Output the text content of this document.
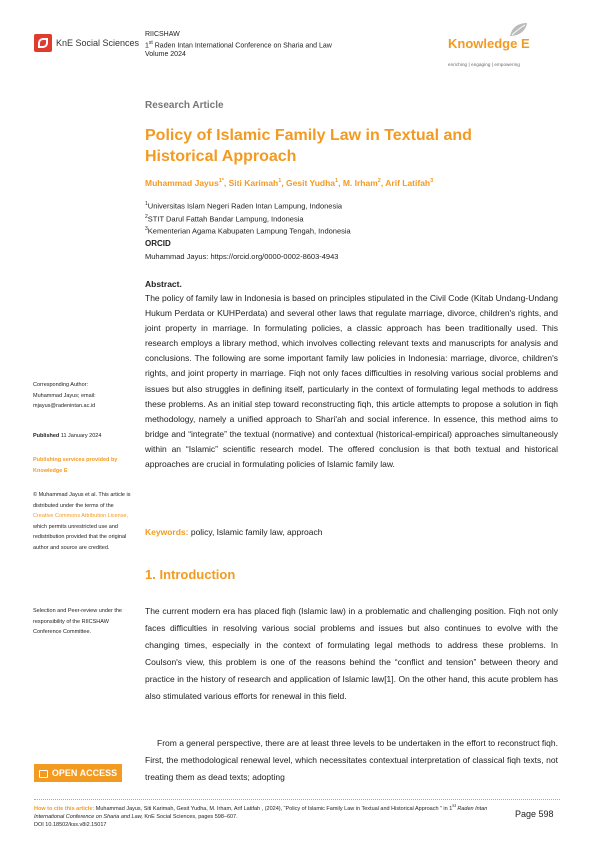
KnE Social Sciences
RIICSHAW
1st Raden Intan International Conference on Sharia and Law
Volume 2024
Knowledge E
enriching | engaging | empowering
Research Article
Policy of Islamic Family Law in Textual and Historical Approach
Muhammad Jayus$^{1*}$, Siti Karimah$^1$, Gesit Yudha$^1$, M. Irham$^2$, Arif Latifah$^3$
$^1$Universitas Islam Negeri Raden Intan Lampung, Indonesia
$^2$STIT Darul Fattah Bandar Lampung, Indonesia
$^3$Kementerian Agama Kabupaten Lampung Tengah, Indonesia
ORCID
Muhammad Jayus: https://orcid.org/0000-0002-8603-4943
Abstract.
The policy of family law in Indonesia is based on principles stipulated in the Civil Code (Kitab Undang-Undang Hukum Perdata or KUHPerdata) and several other laws that regulate marriage, divorce, children's rights, and joint property in marriage. In formulating policies, a classic approach has been traditionally used. This research employs a library method, which involves collecting relevant texts and manuscripts for analysis and conclusions. The following are some important family law policies in Indonesia: marriage, divorce, children's rights, and joint property in marriage. Fiqh not only faces difficulties in resolving various social problems and issues but also struggles in defining itself, particularly in the context of formulating legal methods to address these problems. As an initial step toward reconstructing fiqh, this article attempts to propose a solution in fiqh methodology, namely a unified approach to Shari'ah and social inference. In essence, this method aims to bridge and “integrate” the textual (normative) and contextual (historical-empirical) approaches simultaneously within an “Islamic” scientific research model. The offered conclusion is that both textual and historical approaches are crucial in formulating policies of Islamic family law.
Keywords: policy, Islamic family law, approach
1. Introduction
The current modern era has placed fiqh (Islamic law) in a problematic and challenging position. Fiqh not only faces difficulties in resolving various social problems and issues but also continues to evolve with the changing times, especially in the context of formulating legal methods to address these problems. In Coulson's view, this problem is one of the reasons behind the “conflict and tension” between theory and practice in the history of research and application of Islamic law[1]. On the other hand, this acute problem has also stimulated various efforts for renewal in this field.
From a general perspective, there are at least three levels to be undertaken in the effort to reconstruct fiqh. First, the methodological renewal level, which necessitates contextual interpretation of classical fiqh texts, not treating them as dead texts; adopting
Corresponding Author:
Muhammad Jayus; email:
mjayus@radenintan.ac.id
Published 11 January 2024
Publishing services provided by Knowledge E
© Muhammad Jayus et al. This article is distributed under the terms of the Creative Commons Attribution License, which permits unrestricted use and redistribution provided that the original author and source are credited.
Selection and Peer-review under the responsibility of the RIICSHAW Conference Committee.
OPEN ACCESS
How to cite this article: Muhammad Jayus, Siti Karimah, Gesit Yudha, M. Irham, Arif Latifah , (2024), “Policy of Islamic Family Law in Textual and Historical Approach ” in 1st Raden Intan International Conference on Sharia and Law, KnE Social Sciences, pages 598–607.
DOI 10.18502/kss.v8i2.15017
Page 598
